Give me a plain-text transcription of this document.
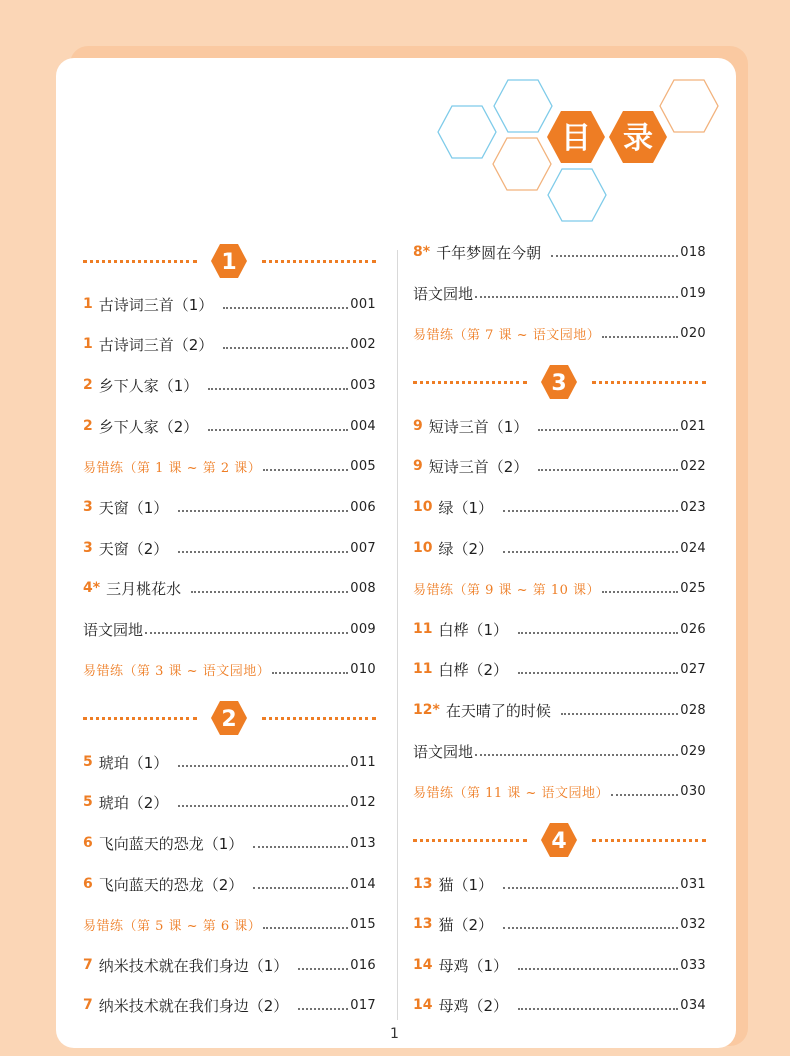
目 录
1
1 古诗词三首（1）	001
1 古诗词三首（2）	002
2 乡下人家（1）	003
2 乡下人家（2）	004
易错练（第 1 课 ~ 第 2 课）	005
3 天窗（1）	006
3 天窗（2）	007
4* 三月桃花水	008
语文园地	009
易错练（第 3 课 ~ 语文园地）	010
2
5 琥珀（1）	011
5 琥珀（2）	012
6 飞向蓝天的恐龙（1）	013
6 飞向蓝天的恐龙（2）	014
易错练（第 5 课 ~ 第 6 课）	015
7 纳米技术就在我们身边（1）	016
7 纳米技术就在我们身边（2）	017
8* 千年梦圆在今朝	018
语文园地	019
易错练（第 7 课 ~ 语文园地）	020
3
9 短诗三首（1）	021
9 短诗三首（2）	022
10 绿（1）	023
10 绿（2）	024
易错练（第 9 课 ~ 第 10 课）	025
11 白桦（1）	026
11 白桦（2）	027
12* 在天晴了的时候	028
语文园地	029
易错练（第 11 课 ~ 语文园地）	030
4
13 猫（1）	031
13 猫（2）	032
14 母鸡（1）	033
14 母鸡（2）	034
1
